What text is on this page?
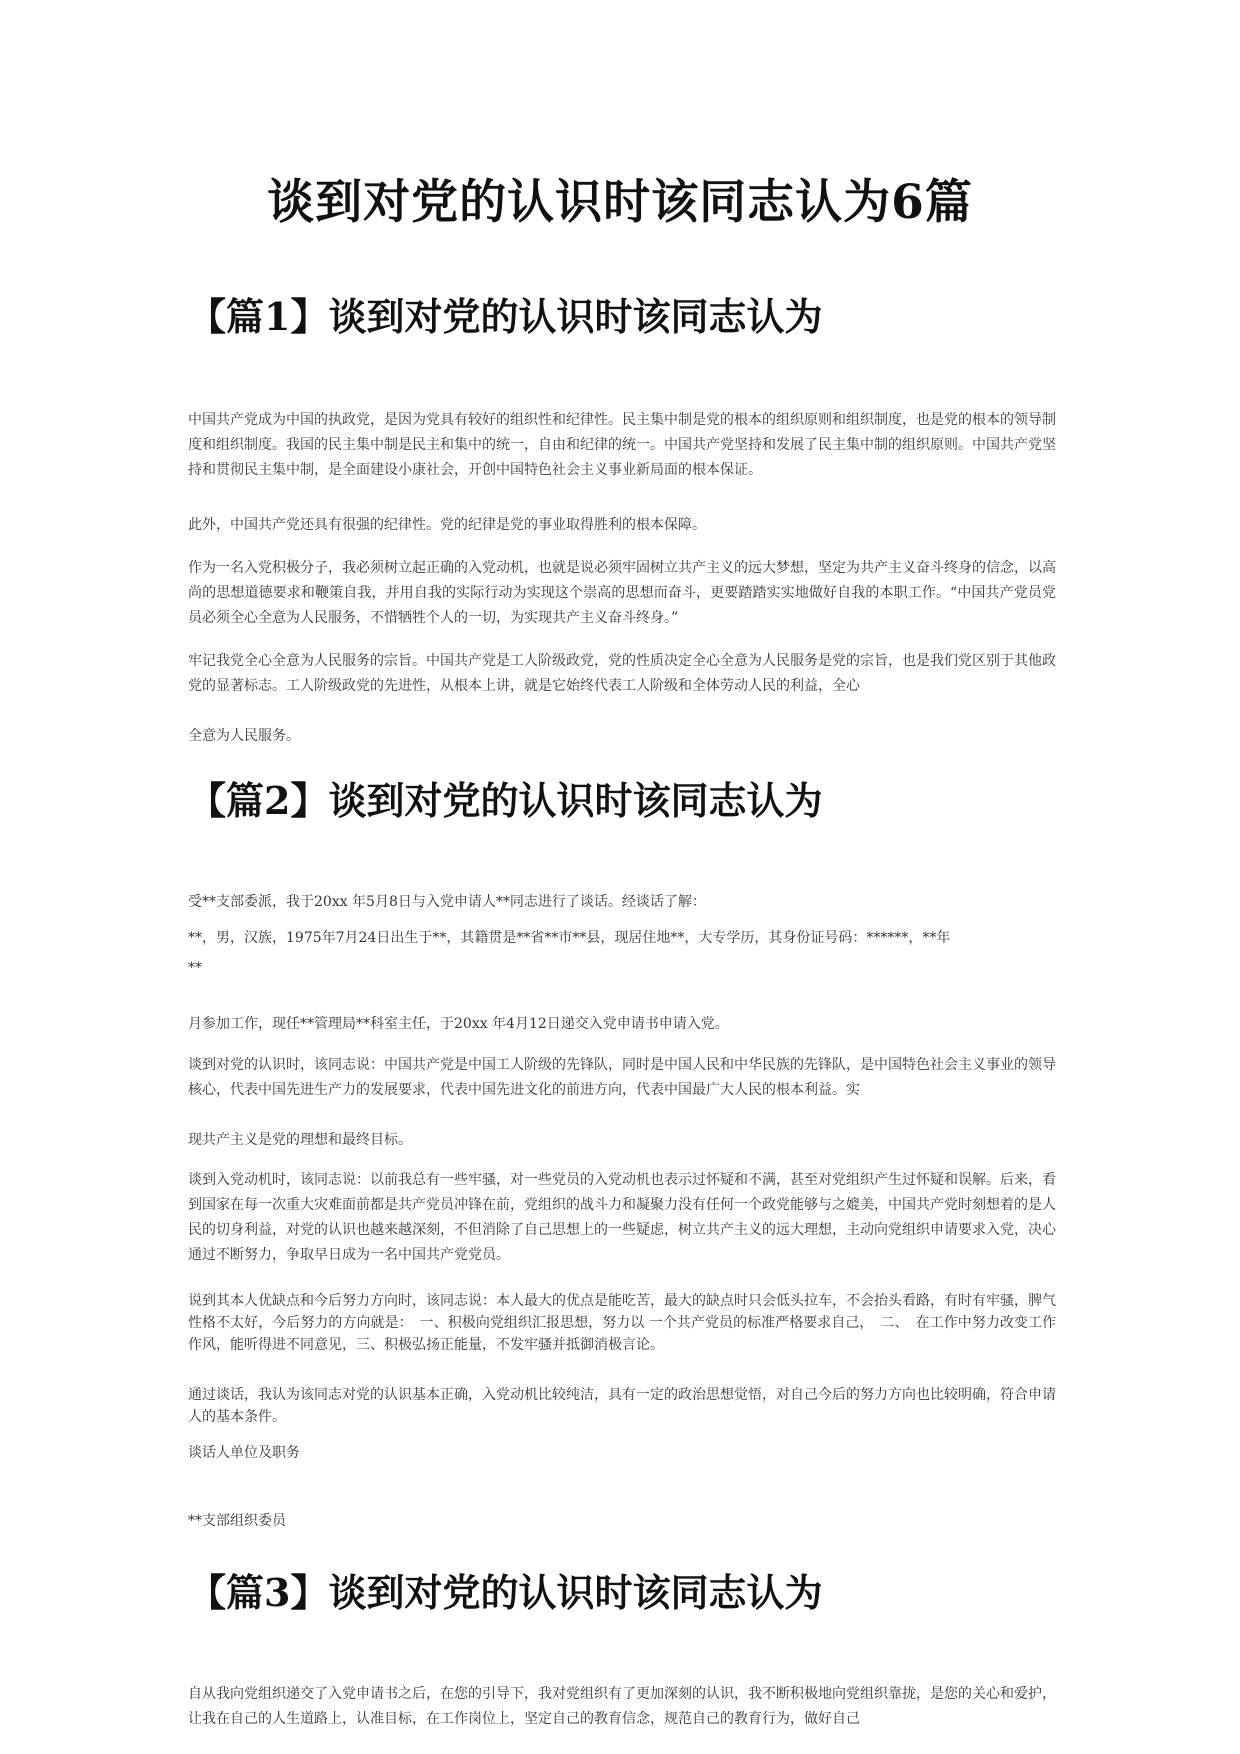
谈到对党的认识时该同志认为6篇
【篇1】谈到对党的认识时该同志认为

中国共产党成为中国的执政党，是因为党具有较好的组织性和纪律性。民主集中制是党的根本的组织原则和组织制度，也是党的根本的领导制度和组织制度。我国的民主集中制是民主和集中的统一，自由和纪律的统一。中国共产党坚持和发展了民主集中制的组织原则。中国共产党坚持和贯彻民主集中制，是全面建设小康社会，开创中国特色社会主义事业新局面的根本保证。

此外，中国共产党还具有很强的纪律性。党的纪律是党的事业取得胜利的根本保障。

作为一名入党积极分子，我必须树立起正确的入党动机，也就是说必须牢固树立共产主义的远大梦想，坚定为共产主义奋斗终身的信念，以高尚的思想道德要求和鞭策自我，并用自我的实际行动为实现这个崇高的思想而奋斗，更要踏踏实实地做好自我的本职工作。“中国共产党员党员必须全心全意为人民服务，不惜牺牲个人的一切，为实现共产主义奋斗终身。”

牢记我党全心全意为人民服务的宗旨。中国共产党是工人阶级政党，党的性质决定全心全意为人民服务是党的宗旨，也是我们党区别于其他政党的显著标志。工人阶级政党的先进性，从根本上讲，就是它始终代表工人阶级和全体劳动人民的利益，全心

全意为人民服务。

【篇2】谈到对党的认识时该同志认为

受**支部委派，我于20xx 年5月8日与入党申请人**同志进行了谈话。经谈话了解：

**，男，汉族，1975年7月24日出生于**，其籍贯是**省**市**县，现居住地**，大专学历，其身份证号码：******，**年

**

月参加工作，现任**管理局**科室主任，于20xx 年4月12日递交入党申请书申请入党。

谈到对党的认识时，该同志说：中国共产党是中国工人阶级的先锋队，同时是中国人民和中华民族的先锋队，是中国特色社会主义事业的领导核心，代表中国先进生产力的发展要求，代表中国先进文化的前进方向，代表中国最广大人民的根本利益。实

现共产主义是党的理想和最终目标。

谈到入党动机时，该同志说：以前我总有一些牢骚，对一些党员的入党动机也表示过怀疑和不满，甚至对党组织产生过怀疑和误解。后来，看到国家在每一次重大灾难面前都是共产党员冲锋在前，党组织的战斗力和凝聚力没有任何一个政党能够与之媲美，中国共产党时刻想着的是人民的切身利益，对党的认识也越来越深刻，不但消除了自己思想上的一些疑虑，树立共产主义的远大理想，主动向党组织申请要求入党，决心通过不断努力，争取早日成为一名中国共产党党员。

说到其本人优缺点和今后努力方向时，该同志说：本人最大的优点是能吃苦，最大的缺点时只会低头拉车，不会抬头看路，有时有牢骚，脾气性格不太好，今后努力的方向就是：　一、积极向党组织汇报思想，努力以 一个共产党员的标准严格要求自己，　二、　在工作中努力改变工作作风，能听得进不同意见，三、积极弘扬正能量，不发牢骚并抵御消极言论。

通过谈话，我认为该同志对党的认识基本正确，入党动机比较纯洁，具有一定的政治思想觉悟，对自己今后的努力方向也比较明确，符合申请人的基本条件。

谈话人单位及职务

**支部组织委员

【篇3】谈到对党的认识时该同志认为

自从我向党组织递交了入党申请书之后，在您的引导下，我对党组织有了更加深刻的认识，我不断积极地向党组织靠拢，是您的关心和爱护，让我在自己的人生道路上，认准目标，在工作岗位上，坚定自己的教育信念，规范自己的教育行为，做好自己
